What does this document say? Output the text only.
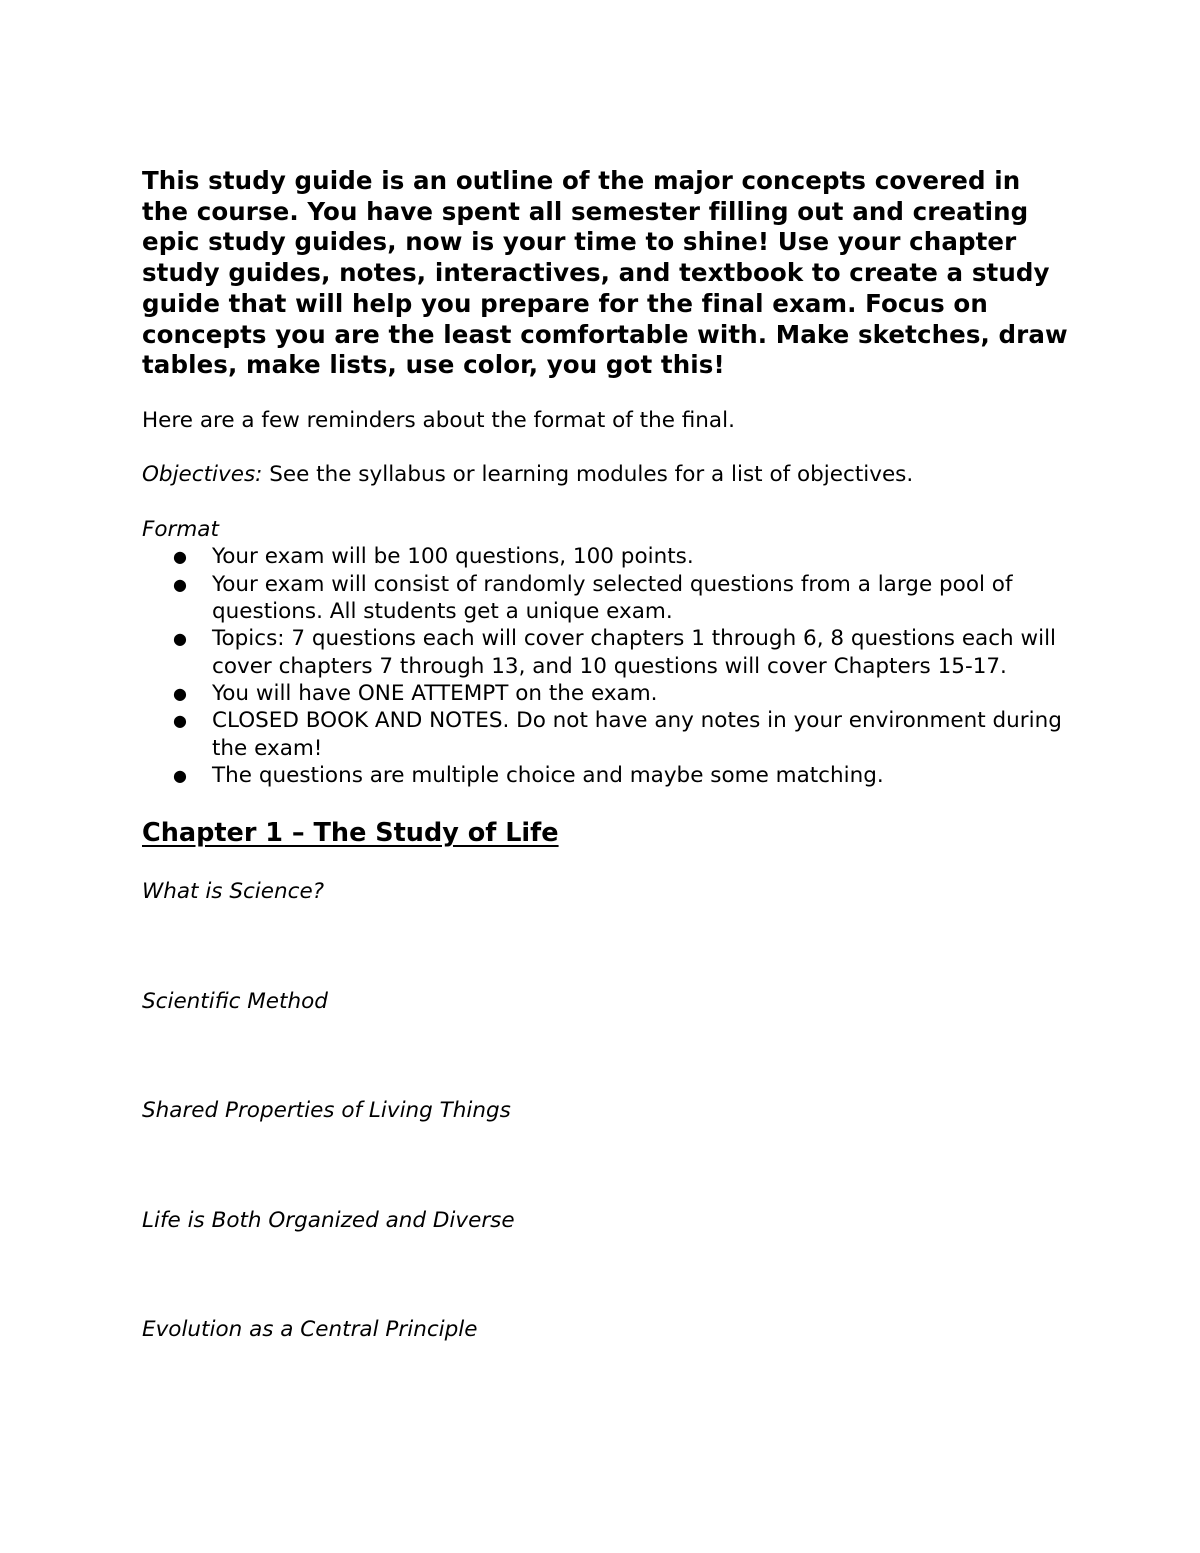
This study guide is an outline of the major concepts covered in the course. You have spent all semester filling out and creating epic study guides, now is your time to shine! Use your chapter study guides, notes, interactives, and textbook to create a study guide that will help you prepare for the final exam. Focus on concepts you are the least comfortable with. Make sketches, draw tables, make lists, use color, you got this!

Here are a few reminders about the format of the final.

Objectives: See the syllabus or learning modules for a list of objectives.

Format

● Your exam will be 100 questions, 100 points.
● Your exam will consist of randomly selected questions from a large pool of questions. All students get a unique exam.
● Topics: 7 questions each will cover chapters 1 through 6, 8 questions each will cover chapters 7 through 13, and 10 questions will cover Chapters 15-17.
● You will have ONE ATTEMPT on the exam.
● CLOSED BOOK AND NOTES. Do not have any notes in your environment during the exam!
● The questions are multiple choice and maybe some matching.
Chapter 1 – The Study of Life

What is Science?

Scientific Method

Shared Properties of Living Things

Life is Both Organized and Diverse

Evolution as a Central Principle
